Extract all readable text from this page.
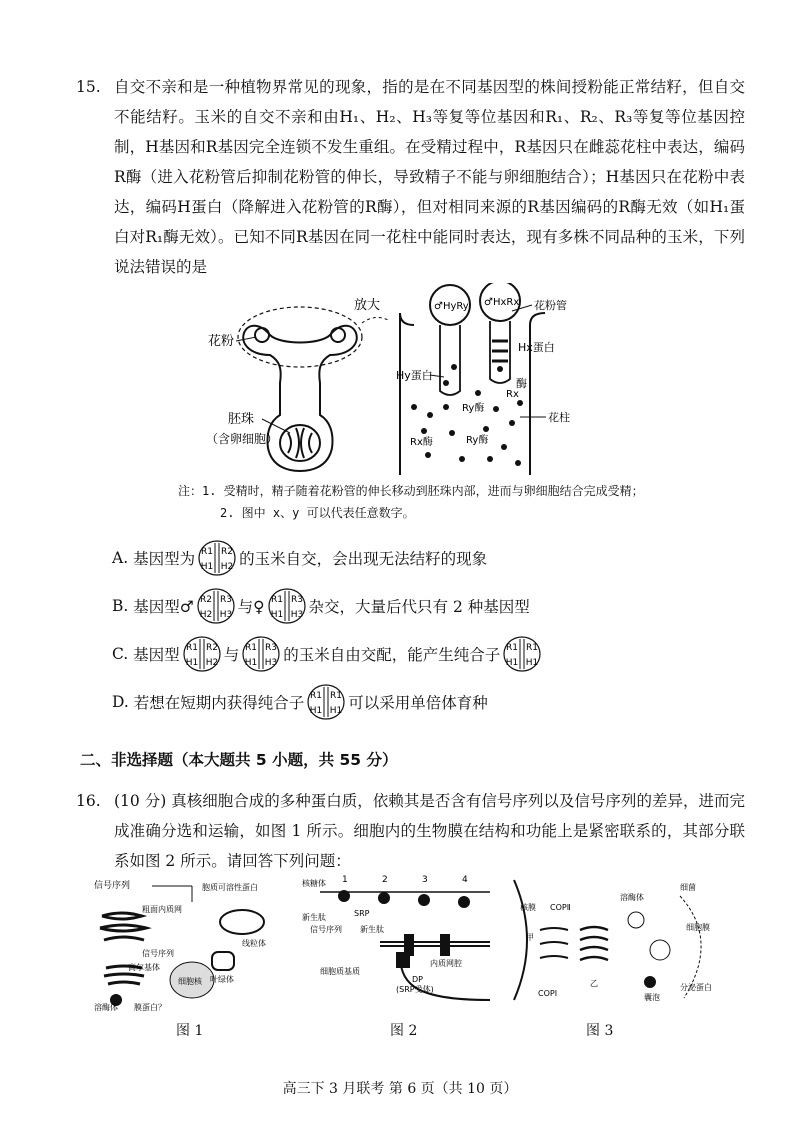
15. 自交不亲和是一种植物界常见的现象，指的是在不同基因型的株间授粉能正常结籽，但自交不能结籽。玉米的自交不亲和由H₁、H₂、H₃等复等位基因和R₁、R₂、R₃等复等位基因控制，H基因和R基因完全连锁不发生重组。在受精过程中，R基因只在雌蕊花柱中表达，编码R酶（进入花粉管后抑制花粉管的伸长，导致精子不能与卵细胞结合）；H基因只在花粉中表达，编码H蛋白（降解进入花粉管的R酶），但对相同来源的R基因编码的R酶无效（如H₁蛋白对R₁酶无效）。已知不同R基因在同一花柱中能同时表达，现有多株不同品种的玉米，下列说法错误的是
花粉
胚珠
（含卵细胞）
放大	♂HyRy ♂HxRx 花粉管
Hx蛋白
Hy蛋白
酶
Ry酶
Rx
花柱
Rx酶	Ry酶
注：1. 受精时，精子随着花粉管的伸长移动到胚珠内部，进而与卵细胞结合完成受精；
2. 图中 x、y 可以代表任意数字。
A.
基因型为 R1
H1
R2
H2 的玉米自交，会出现无法结籽的现象
B.
基因型♂ R2
H2
R3
H3 与♀ R1
H1
R3
H3 杂交，大量后代只有 2 种基因型
C.
基因型 R1
H1
R2
H2 与 R1
H1
R3
H3 的玉米自由交配，能产生纯合子 R1
H1
R1
H1
D.
若想在短期内获得纯合子 R1
H1
R1
H1 可以采用单倍体育种
二、非选择题（本大题共 5 小题，共 55 分）
16. (10 分) 真核细胞合成的多种蛋白质，依赖其是否含有信号序列以及信号序列的差异，进而完成准确分选和运输，如图 1 所示。细胞内的生物膜在结构和功能上是紧密联系的，其部分联系如图 2 所示。请回答下列问题：
信号序列
粗面内质网
信号序列
高尔基体
溶酶体 膜蛋白？
细胞核
线粒体
叶绿体
胞质可溶性蛋白
图 1
核糖体 1	2	3	4
新生肽
信号序列 新生肽
SRP
内质网腔
细胞质基质
DP
(SRP受体)
图 2
核膜
甲
COPⅡ
COPⅠ
乙
溶酶体
细菌
细胞膜
囊泡
分泌蛋白
图 3
高三下 3 月联考 第 6 页（共 10 页）
